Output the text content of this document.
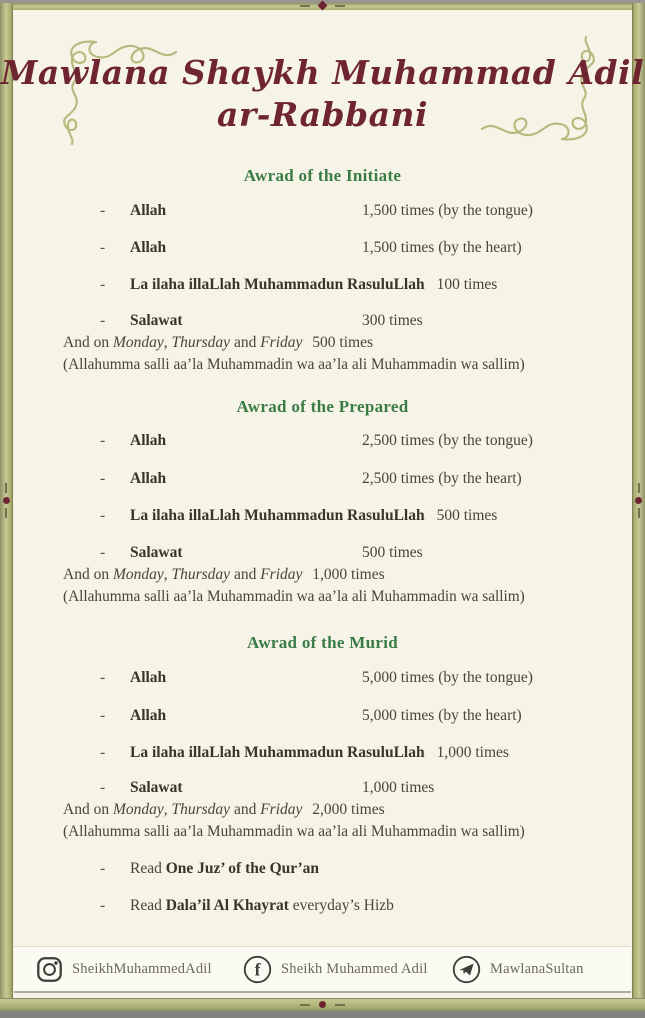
Mawlana Shaykh Muhammad Adil
ar-Rabbani
Awrad of the Initiate
- Allah	1,500 times (by the tongue)
- Allah	1,500 times (by the heart)
- La ilaha illaLlah Muhammadun RasuluLlah 100 times
- Salawat	300 times
And on Monday, Thursday and Friday 500 times
(Allahumma salli aa’la Muhammadin wa aa’la ali Muhammadin wa sallim)
Awrad of the Prepared
- Allah	2,500 times (by the tongue)
- Allah	2,500 times (by the heart)
- La ilaha illaLlah Muhammadun RasuluLlah 500 times
- Salawat	500 times
And on Monday, Thursday and Friday 1,000 times
(Allahumma salli aa’la Muhammadin wa aa’la ali Muhammadin wa sallim)
Awrad of the Murid
- Allah	5,000 times (by the tongue)
- Allah	5,000 times (by the heart)
- La ilaha illaLlah Muhammadun RasuluLlah 1,000 times
- Salawat	1,000 times
And on Monday, Thursday and Friday 2,000 times
(Allahumma salli aa’la Muhammadin wa aa’la ali Muhammadin wa sallim)
- Read One Juz’ of the Qur’an
- Read Dala’il Al Khayrat everyday’s Hizb
SheikhMuhammedAdil	f Sheikh Muhammed Adil	MawlanaSultan
